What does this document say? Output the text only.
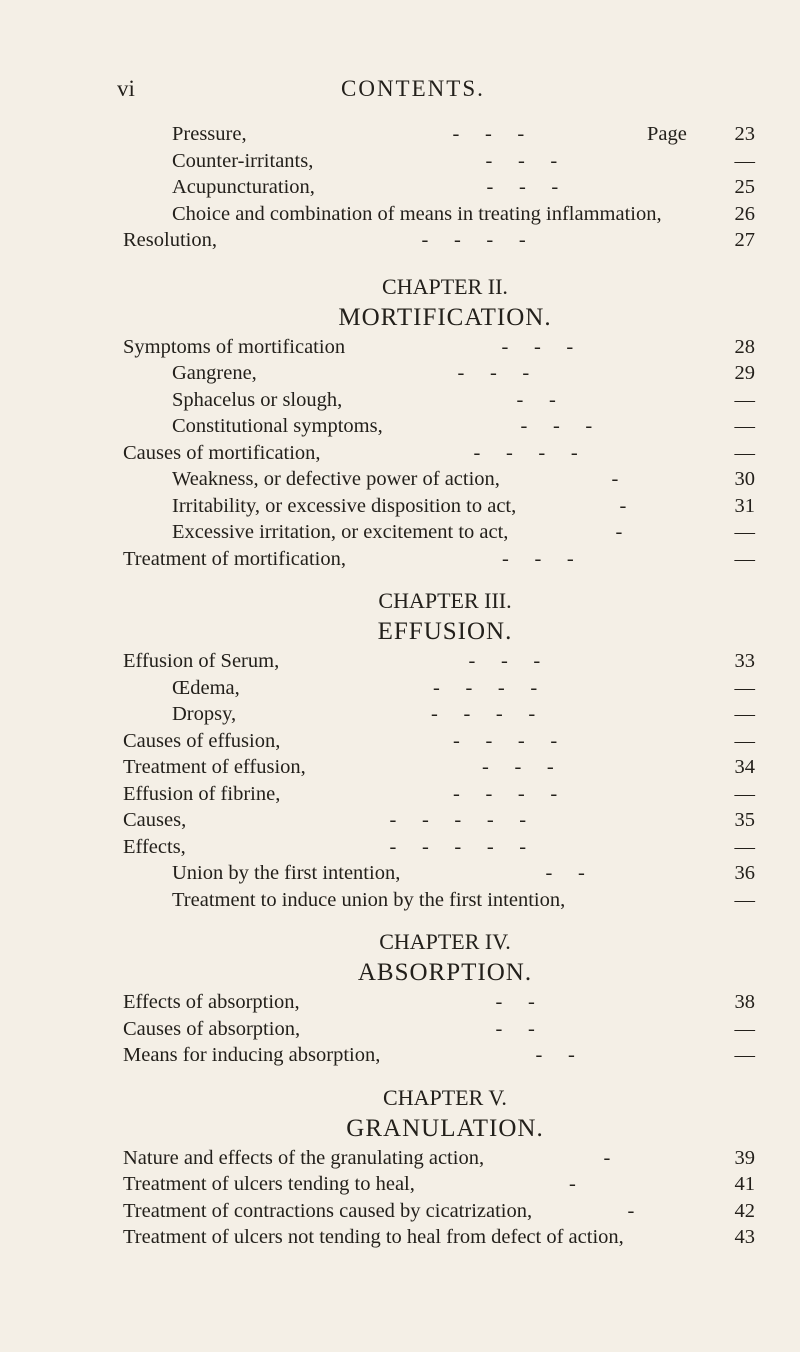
vi	CONTENTS.
Pressure,	-     -     -	Page 23
Counter-irritants,	-     -     -	—
Acupuncturation,	-     -     -	25
Choice and combination of means in treating inflammation,	26
Resolution,	-     -     -     -	27
CHAPTER II.
MORTIFICATION.
Symptoms of mortification	-     -     -	28
Gangrene,	-     -     -	29
Sphacelus or slough,	-     -	—
Constitutional symptoms,	-     -     -	—
Causes of mortification,	-     -     -     -	—
Weakness, or defective power of action,	-	30
Irritability, or excessive disposition to act,	-	31
Excessive irritation, or excitement to act,	-	—
Treatment of mortification,	-     -     -	—
CHAPTER III.
EFFUSION.
Effusion of Serum,	-     -     -	33
Œdema,	-     -     -     -	—
Dropsy,	-     -     -     -	—
Causes of effusion,	-     -     -     -	—
Treatment of effusion,	-     -     -	34
Effusion of fibrine,	-     -     -     -	—
Causes,	-     -     -     -     -	35
Effects,	-     -     -     -     -	—
Union by the first intention,	-     -	36
Treatment to induce union by the first intention,	—
CHAPTER IV.
ABSORPTION.
Effects of absorption,	-     -	38
Causes of absorption,	-     -	—
Means for inducing absorption,	-     -	—
CHAPTER V.
GRANULATION.
Nature and effects of the granulating action,	-	39
Treatment of ulcers tending to heal,	-	41
Treatment of contractions caused by cicatrization,	-	42
Treatment of ulcers not tending to heal from defect of action,	43
